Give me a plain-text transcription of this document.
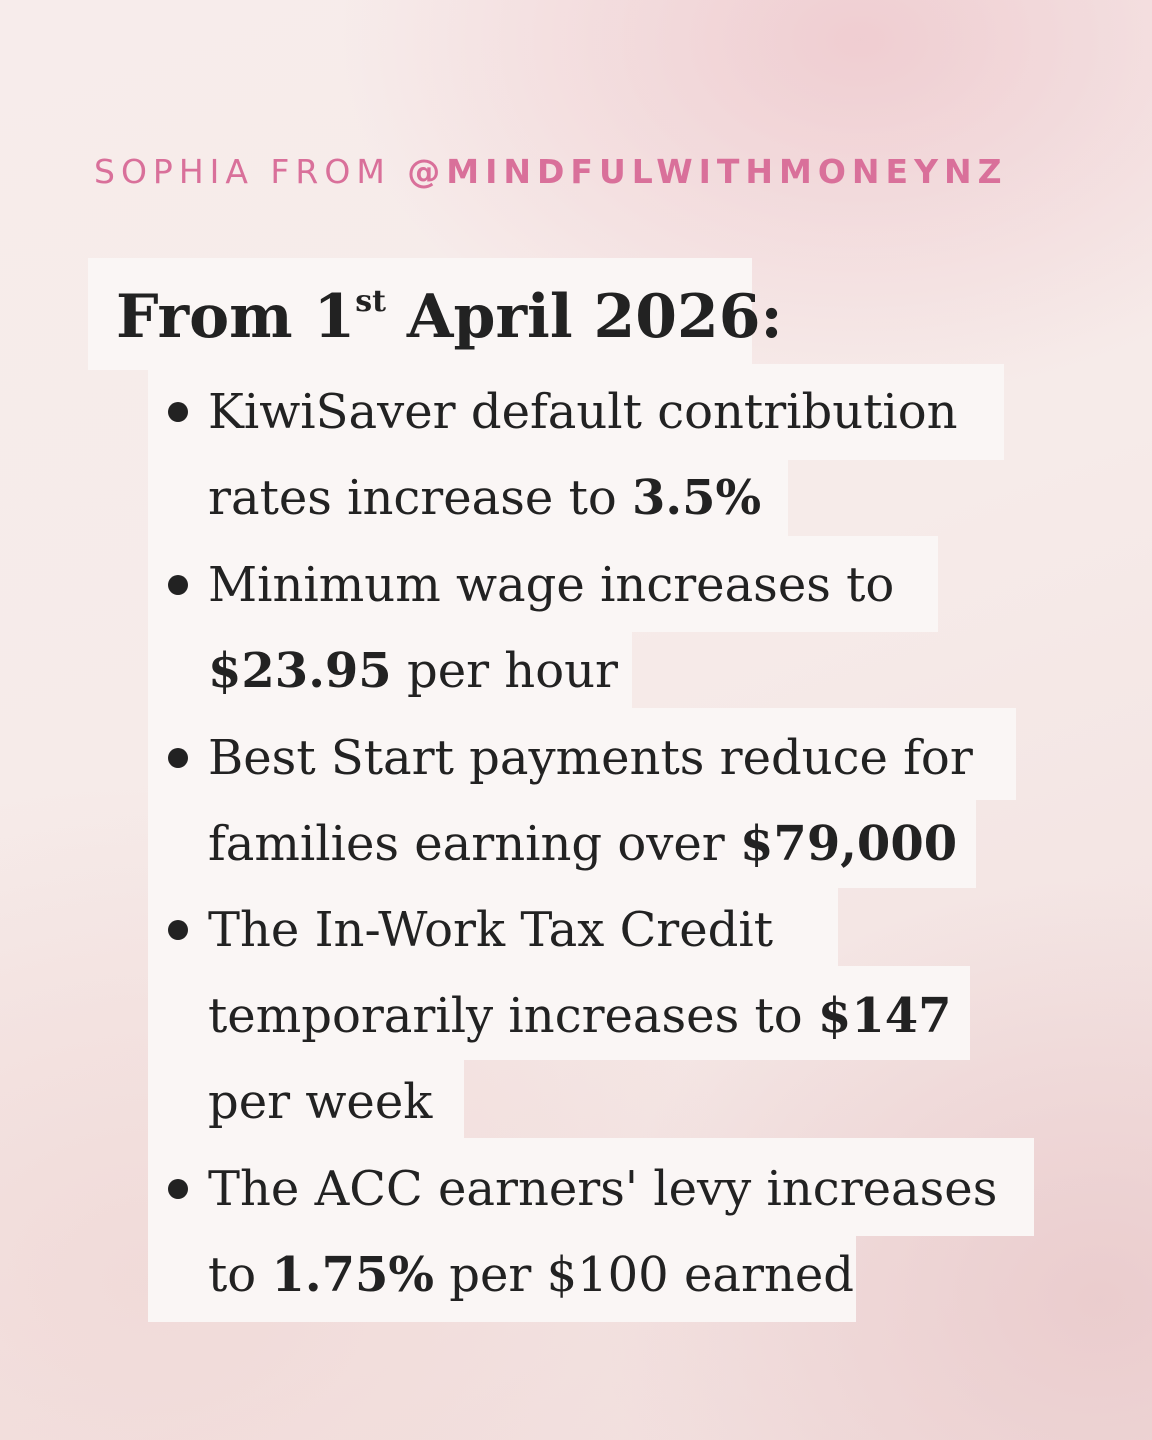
SOPHIA FROM @MINDFULWITHMONEYNZ
From 1st April 2026:
KiwiSaver default contribution
rates increase to 3.5%
Minimum wage increases to
$23.95 per hour
Best Start payments reduce for
families earning over $79,000
The In-Work Tax Credit
temporarily increases to $147
per week
The ACC earners' levy increases
to 1.75% per $100 earned
